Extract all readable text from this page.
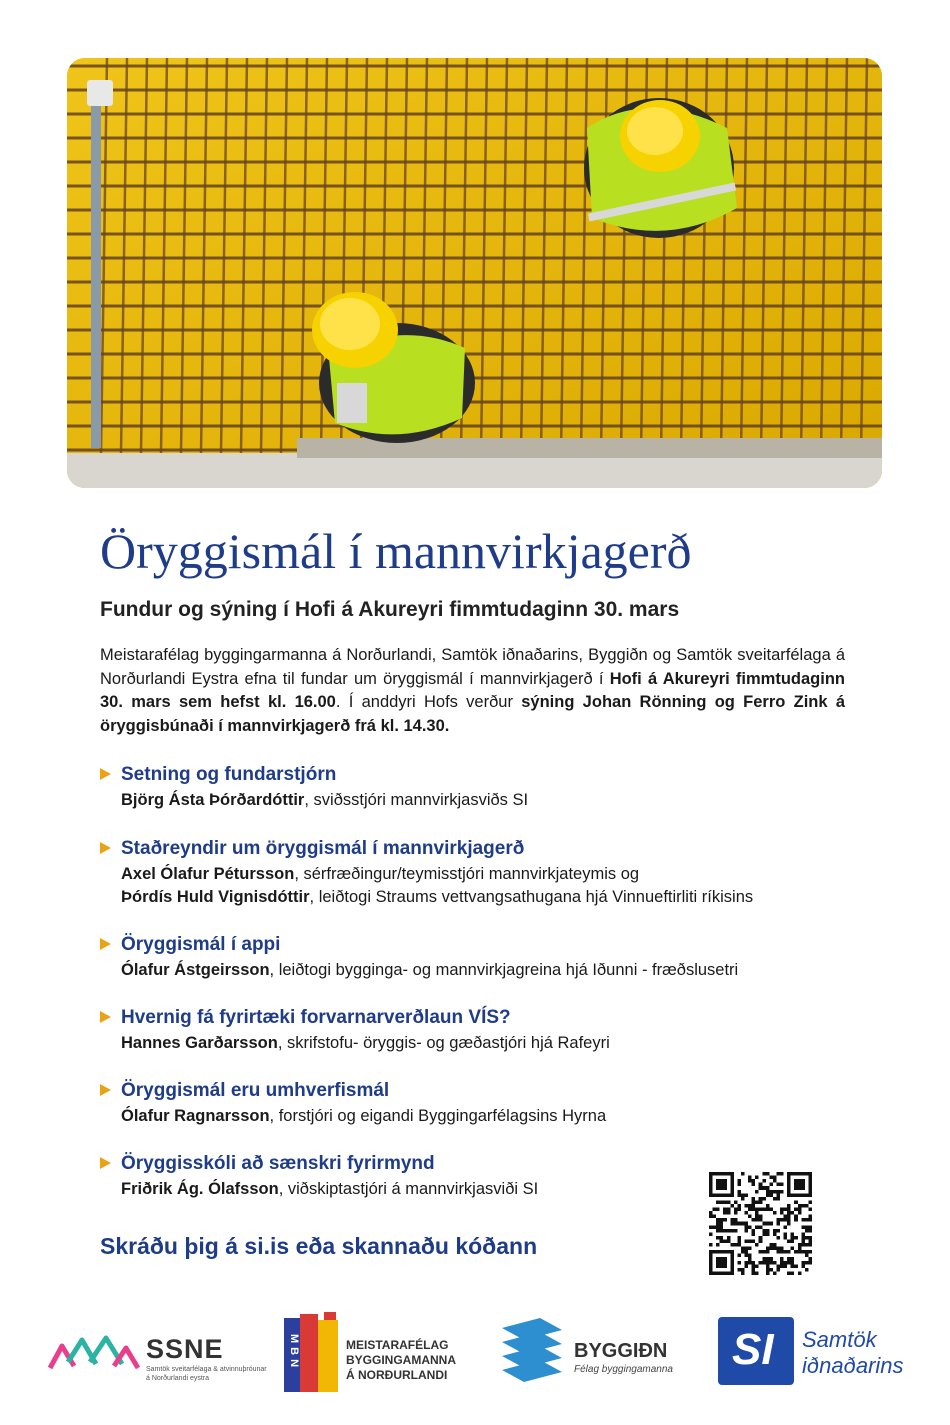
Öryggismál í mannvirkjagerð
Fundur og sýning í Hofi á Akureyri fimmtudaginn 30. mars
Meistarafélag byggingarmanna á Norðurlandi, Samtök iðnaðarins, Byggiðn og Samtök sveitarfélaga á Norðurlandi Eystra efna til fundar um öryggismál í mannvirkjagerð í Hofi á Akureyri fimmtudaginn 30. mars sem hefst kl. 16.00. Í anddyri Hofs verður sýning Johan Rönning og Ferro Zink á öryggisbúnaði í mannvirkjagerð frá kl. 14.30.
Setning og fundarstjórn
Björg Ásta Þórðardóttir, sviðsstjóri mannvirkjasviðs SI
Staðreyndir um öryggismál í mannvirkjagerð
Axel Ólafur Pétursson, sérfræðingur/teymisstjóri mannvirkjateymis og
Þórdís Huld Vignisdóttir, leiðtogi Straums vettvangsathugana hjá Vinnueftirliti ríkisins
Öryggismál í appi
Ólafur Ástgeirsson, leiðtogi bygginga- og mannvirkjagreina hjá Iðunni - fræðslusetri
Hvernig fá fyrirtæki forvarnarverðlaun VÍS?
Hannes Garðarsson, skrifstofu- öryggis- og gæðastjóri hjá Rafeyri
Öryggismál eru umhverfismál
Ólafur Ragnarsson, forstjóri og eigandi Byggingarfélagsins Hyrna
Öryggisskóli að sænskri fyrirmynd
Friðrik Ág. Ólafsson, viðskiptastjóri á mannvirkjasviði SI
Skráðu þig á si.is eða skannaðu kóðann
SSNE
Samtök sveitarfélaga & atvinnuþróunar
á Norðurlandi eystra
MBN	MEISTARAFÉLAG
BYGGINGAMANNA
Á NORÐURLANDI
BYGGIÐN
Félag byggingamanna SI Samtök
iðnaðarins
